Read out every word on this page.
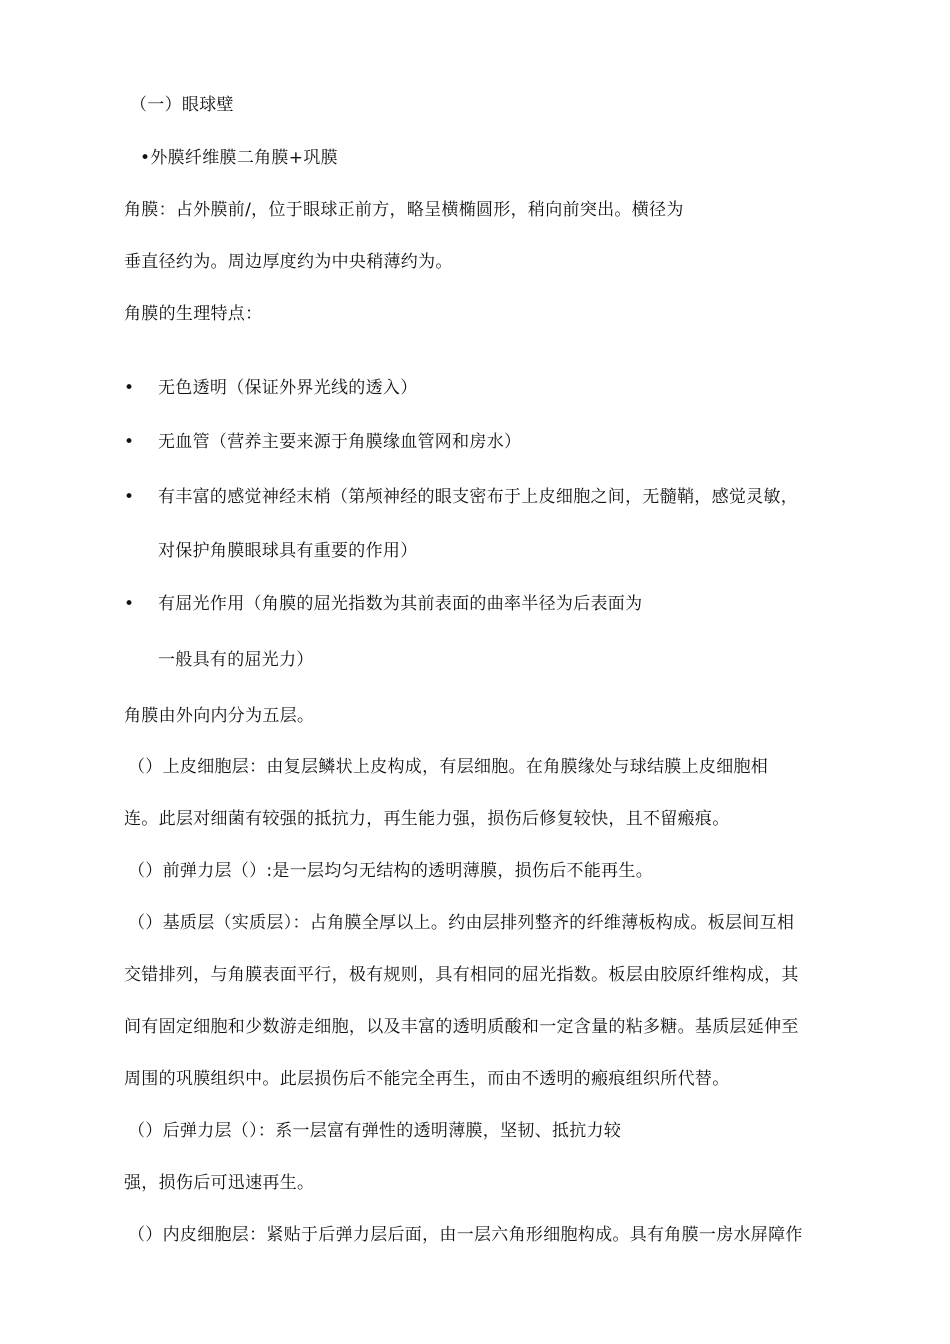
（一）眼球壁
•外膜纤维膜二角膜+巩膜
角膜：占外膜前/，位于眼球正前方，略呈横椭圆形，稍向前突出。横径为
垂直径约为。周边厚度约为中央稍薄约为。
角膜的生理特点：
• 无色透明（保证外界光线的透入）
• 无血管（营养主要来源于角膜缘血管网和房水）
• 有丰富的感觉神经末梢（第颅神经的眼支密布于上皮细胞之间，无髓鞘，感觉灵敏，
对保护角膜眼球具有重要的作用）
• 有屈光作用（角膜的屈光指数为其前表面的曲率半径为后表面为
一般具有的屈光力）
角膜由外向内分为五层。
（）上皮细胞层：由复层鳞状上皮构成，有层细胞。在角膜缘处与球结膜上皮细胞相
连。此层对细菌有较强的抵抗力，再生能力强，损伤后修复较快，且不留瘢痕。
（）前弹力层（）:是一层均匀无结构的透明薄膜，损伤后不能再生。
（）基质层（实质层）：占角膜全厚以上。约由层排列整齐的纤维薄板构成。板层间互相
交错排列，与角膜表面平行，极有规则，具有相同的屈光指数。板层由胶原纤维构成，其
间有固定细胞和少数游走细胞，以及丰富的透明质酸和一定含量的粘多糖。基质层延伸至
周围的巩膜组织中。此层损伤后不能完全再生，而由不透明的瘢痕组织所代替。
（）后弹力层（）：系一层富有弹性的透明薄膜，坚韧、抵抗力较
强，损伤后可迅速再生。
（）内皮细胞层：紧贴于后弹力层后面，由一层六角形细胞构成。具有角膜一房水屏障作
